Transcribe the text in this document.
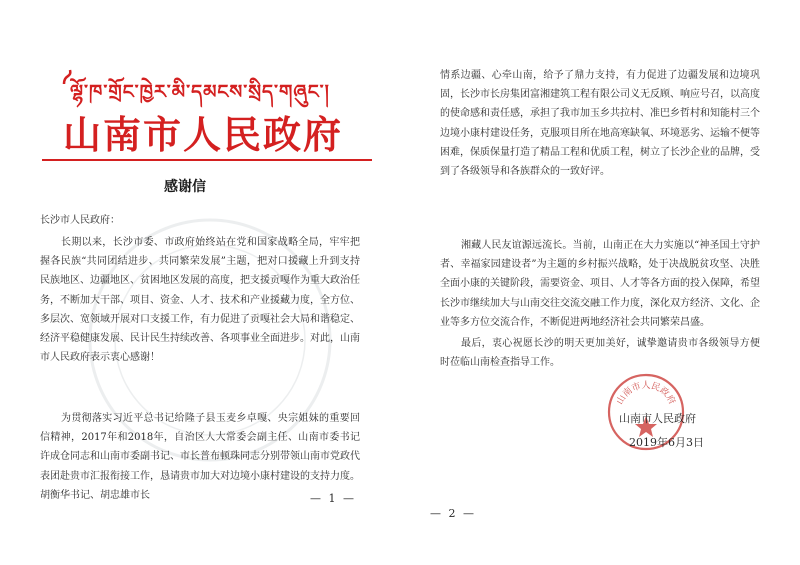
ལྷོ་ཁ་གྲོང་ཁྱེར་མི་དམངས་སྲིད་གཞུང་།
山南市人民政府
感谢信
长沙市人民政府：
长期以来，长沙市委、市政府始终站在党和国家战略全局，牢牢把握各民族“共同团结进步、共同繁荣发展”主题，把对口援藏上升到支持民族地区、边疆地区、贫困地区发展的高度，把支援贡嘎作为重大政治任务，不断加大干部、项目、资金、人才、技术和产业援藏力度，全方位、多层次、宽领域开展对口支援工作，有力促进了贡嘎社会大局和谐稳定、经济平稳健康发展、民计民生持续改善、各项事业全面进步。对此，山南市人民政府表示衷心感谢！
为贯彻落实习近平总书记给隆子县玉麦乡卓嘎、央宗姐妹的重要回信精神，2017年和2018年，自治区人大常委会副主任、山南市委书记许成仓同志和山南市委副书记、市长普布顿珠同志分别带领山南市党政代表团赴贵市汇报衔接工作，恳请贵市加大对边境小康村建设的支持力度。胡衡华书记、胡忠雄市长	— 1 —
情系边疆、心牵山南，给予了鼎力支持，有力促进了边疆发展和边境巩固，长沙市长房集团富湘建筑工程有限公司义无反顾、响应号召，以高度的使命感和责任感，承担了我市加玉乡共拉村、准巴乡哲村和知能村三个边境小康村建设任务，克服项目所在地高寒缺氧、环境恶劣、运输不便等困难，保质保量打造了精品工程和优质工程，树立了长沙企业的品牌，受到了各级领导和各族群众的一致好评。
湘藏人民友谊源远流长。当前，山南正在大力实施以“神圣国土守护者、幸福家园建设者”为主题的乡村振兴战略，处于决战脱贫攻坚、决胜全面小康的关键阶段，需要资金、项目、人才等各方面的投入保障，希望长沙市继续加大与山南交往交流交融工作力度，深化双方经济、文化、企业等多方位交流合作，不断促进两地经济社会共同繁荣昌盛。
最后，衷心祝愿长沙的明天更加美好，诚挚邀请贵市各级领导方便时莅临山南检查指导工作。
山南市人民政府
山南市人民政府
2019年6月3日
— 2 —
